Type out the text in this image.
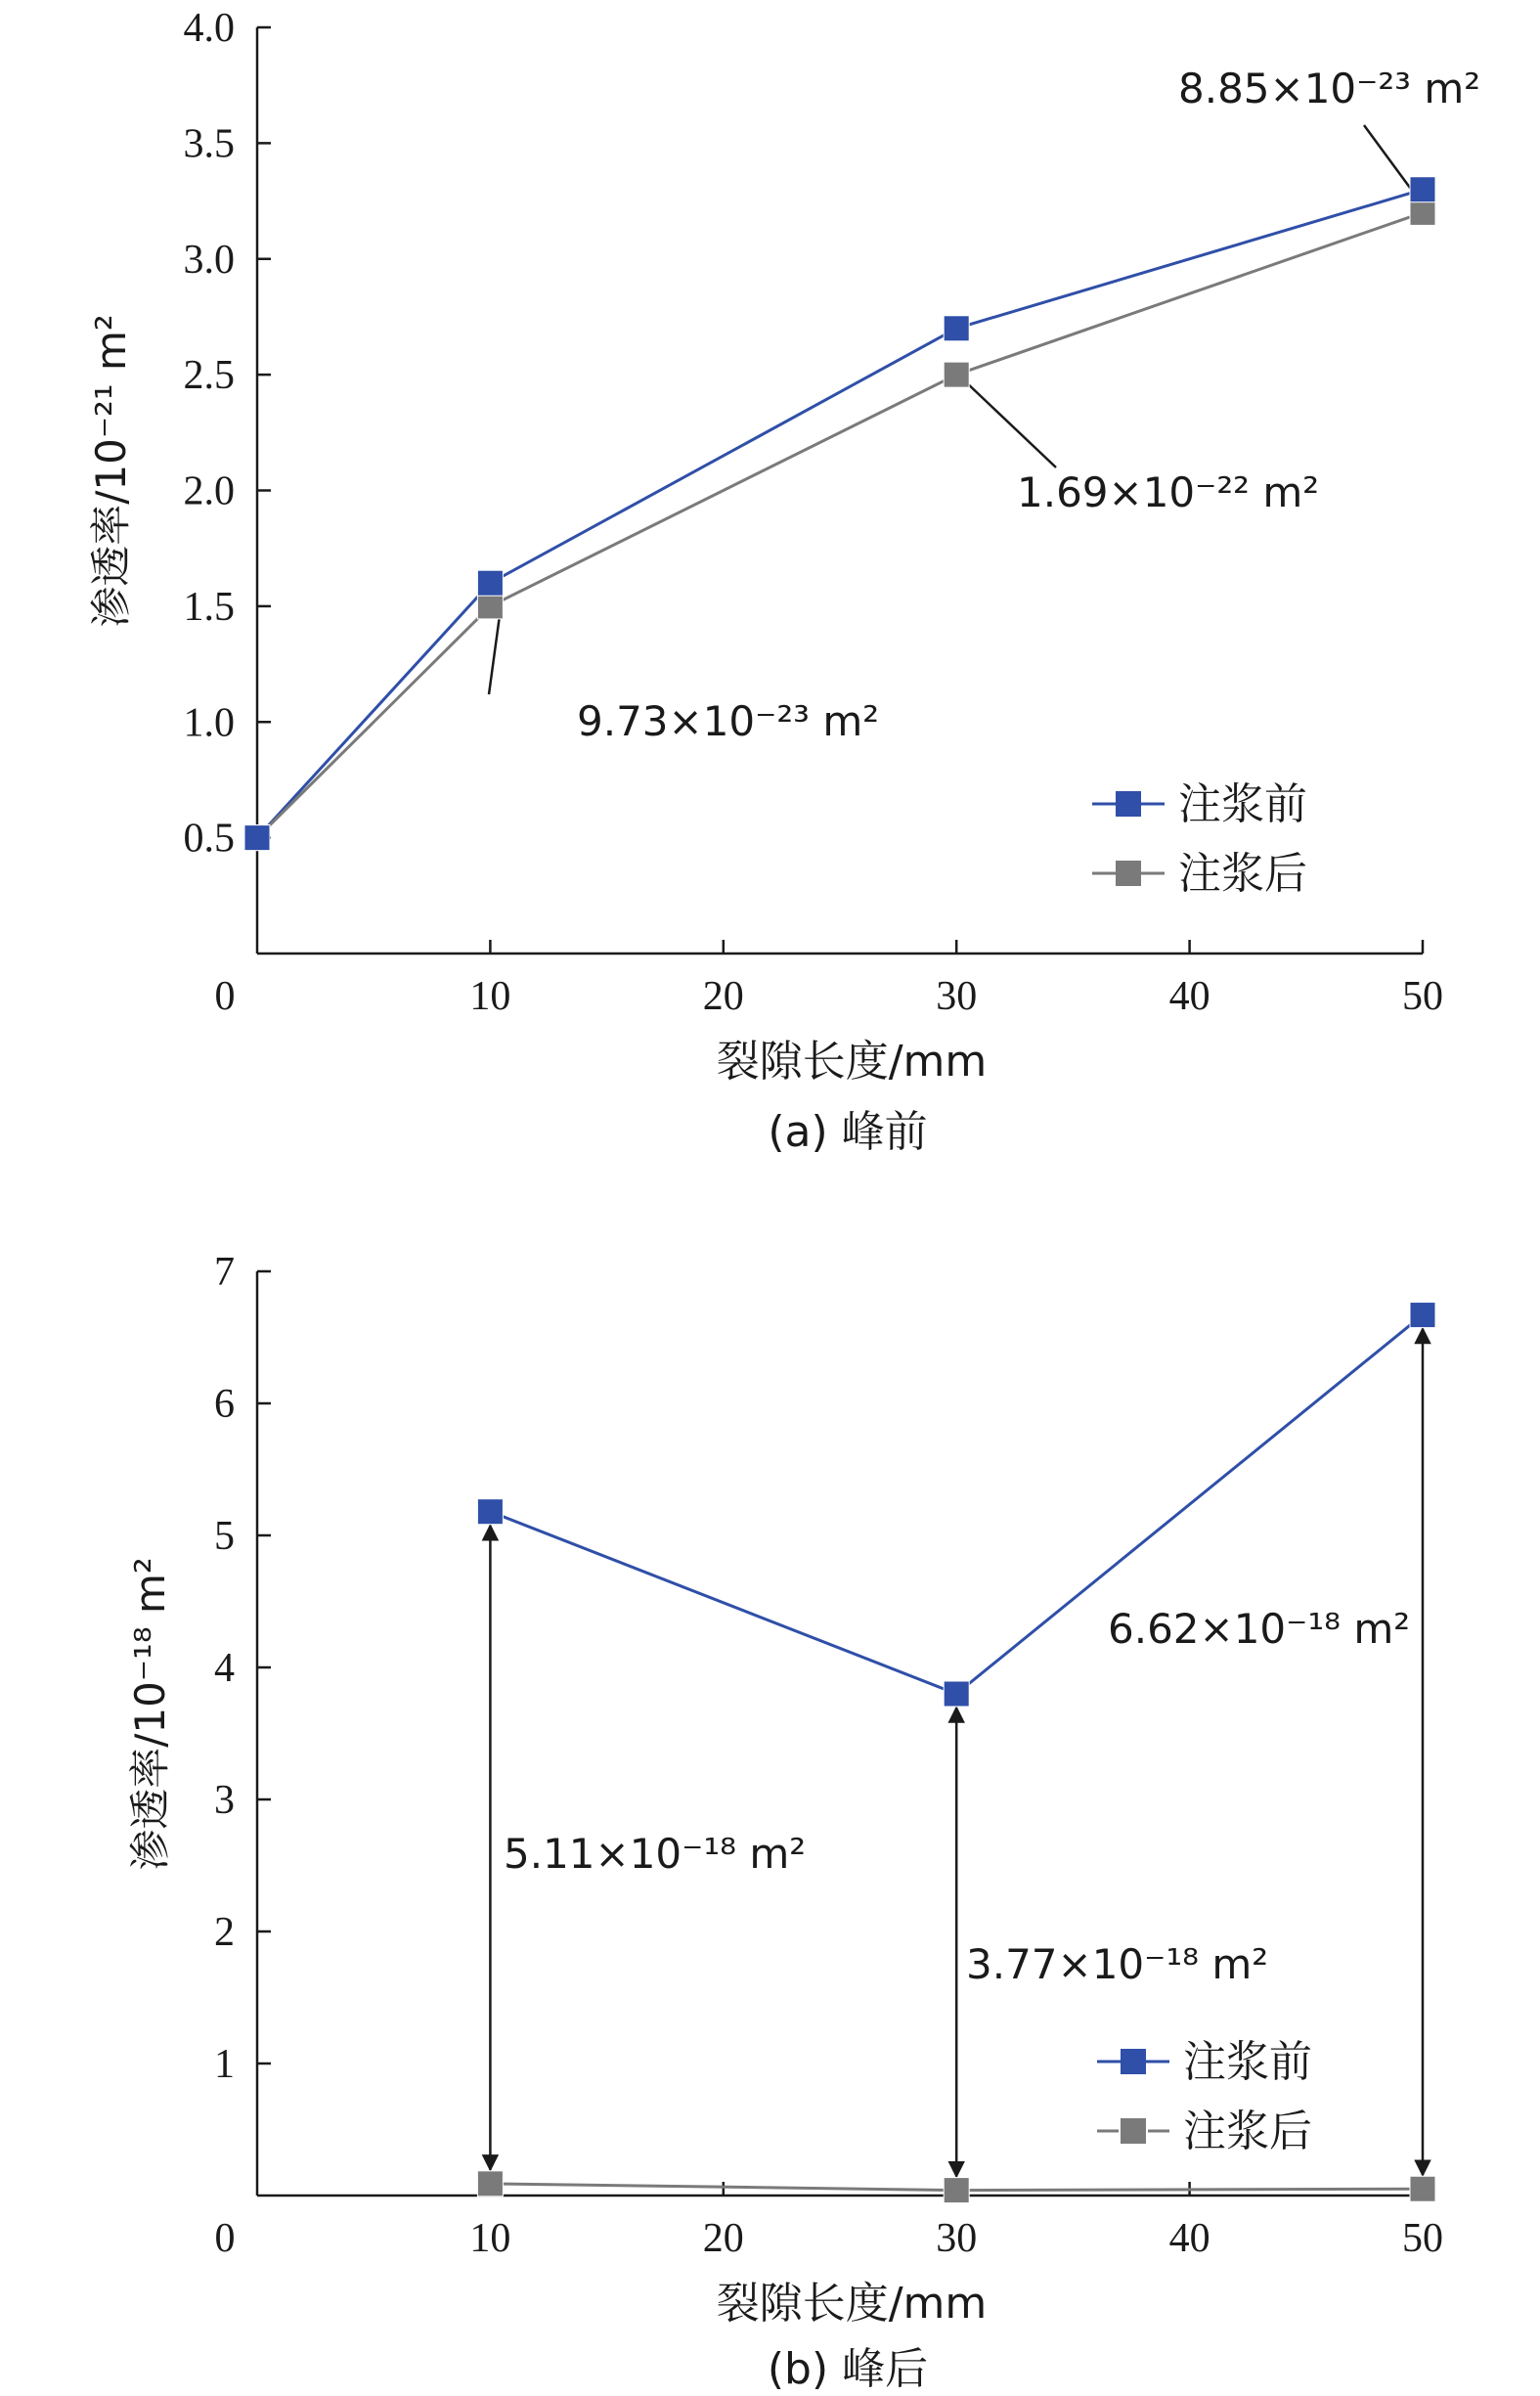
0.5
1.0
1.5
2.0
2.5
3.0
3.5
4.0
0	10	20	30	40	50
裂隙长度/mm
(a) 峰前
渗透率/10⁻²¹ m²
9.73×10⁻²³ m²
1.69×10⁻²² m²
8.85×10⁻²³ m²
注浆前
注浆后
1
2
3
4
5
6
7
0	10	20	30	40	50
裂隙长度/mm
(b) 峰后
渗透率/10⁻¹⁸ m²	5.11×10⁻¹⁸ m²
3.77×10⁻¹⁸ m²
6.62×10⁻¹⁸ m²
注浆前
注浆后
